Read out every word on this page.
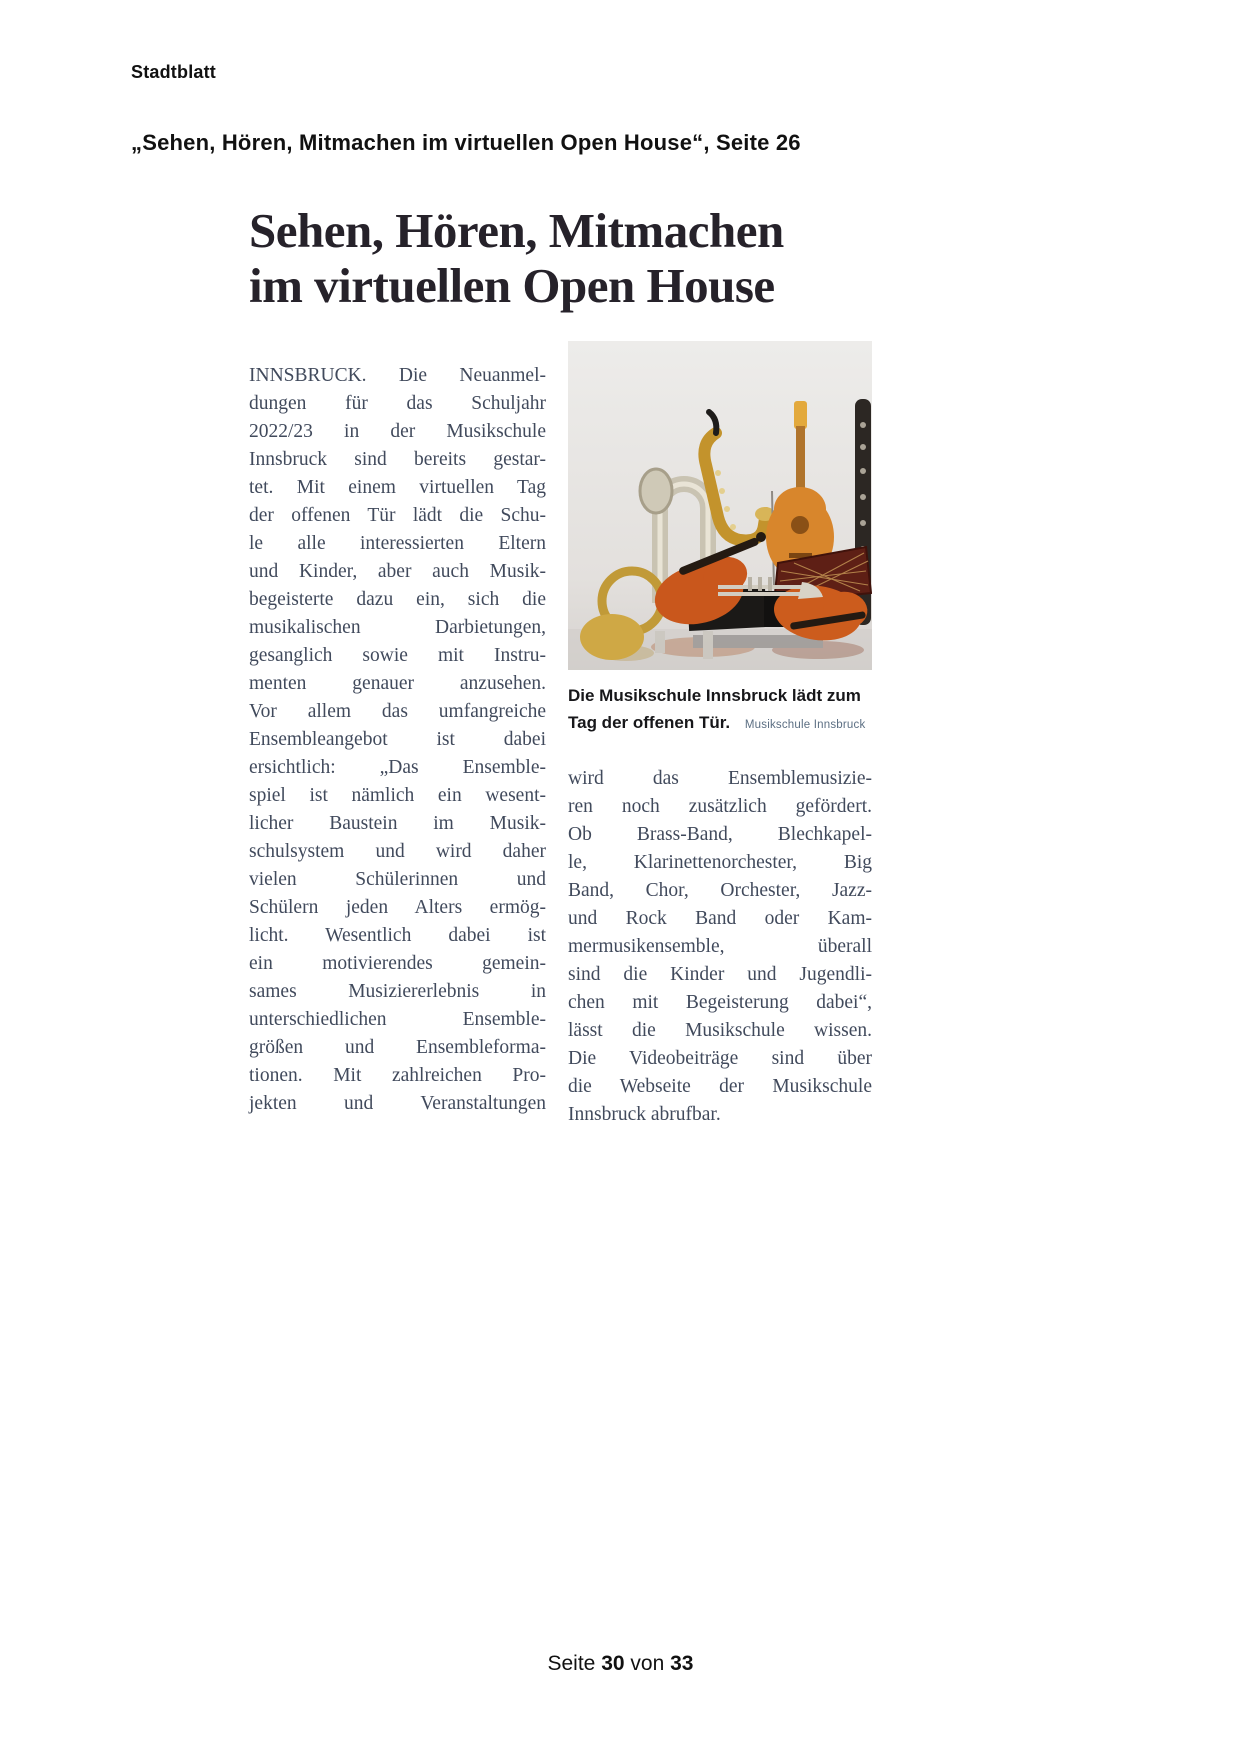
Stadtblatt
„Sehen, Hören, Mitmachen im virtuellen Open House“, Seite 26
Sehen, Hören, Mitmachen
im virtuellen Open House
INNSBRUCK. Die Neuanmel-
dungen für das Schuljahr
2022/23 in der Musikschule
Innsbruck sind bereits gestar-
tet. Mit einem virtuellen Tag
der offenen Tür lädt die Schu-
le alle interessierten Eltern
und Kinder, aber auch Musik-
begeisterte dazu ein, sich die
musikalischen Darbietungen,
gesanglich sowie mit Instru-
menten genauer anzusehen.
Vor allem das umfangreiche
Ensembleangebot ist dabei
ersichtlich: „Das Ensemble-
spiel ist nämlich ein wesent-
licher Baustein im Musik-
schulsystem und wird daher
vielen Schülerinnen und
Schülern jeden Alters ermög-
licht. Wesentlich dabei ist
ein motivierendes gemein-
sames Musiziererlebnis in
unterschiedlichen Ensemble-
größen und Ensembleforma-
tionen. Mit zahlreichen Pro-
jekten und Veranstaltungen
Die Musikschule Innsbruck lädt zum
Tag der offenen Tür. Musikschule Innsbruck
wird das Ensemblemusizie-
ren noch zusätzlich gefördert.
Ob Brass-Band, Blechkapel-
le, Klarinettenorchester, Big
Band, Chor, Orchester, Jazz-
und Rock Band oder Kam-
mermusikensemble, überall
sind die Kinder und Jugendli-
chen mit Begeisterung dabei“,
lässt die Musikschule wissen.
Die Videobeiträge sind über
die Webseite der Musikschule
Innsbruck abrufbar.
Seite 30 von 33
